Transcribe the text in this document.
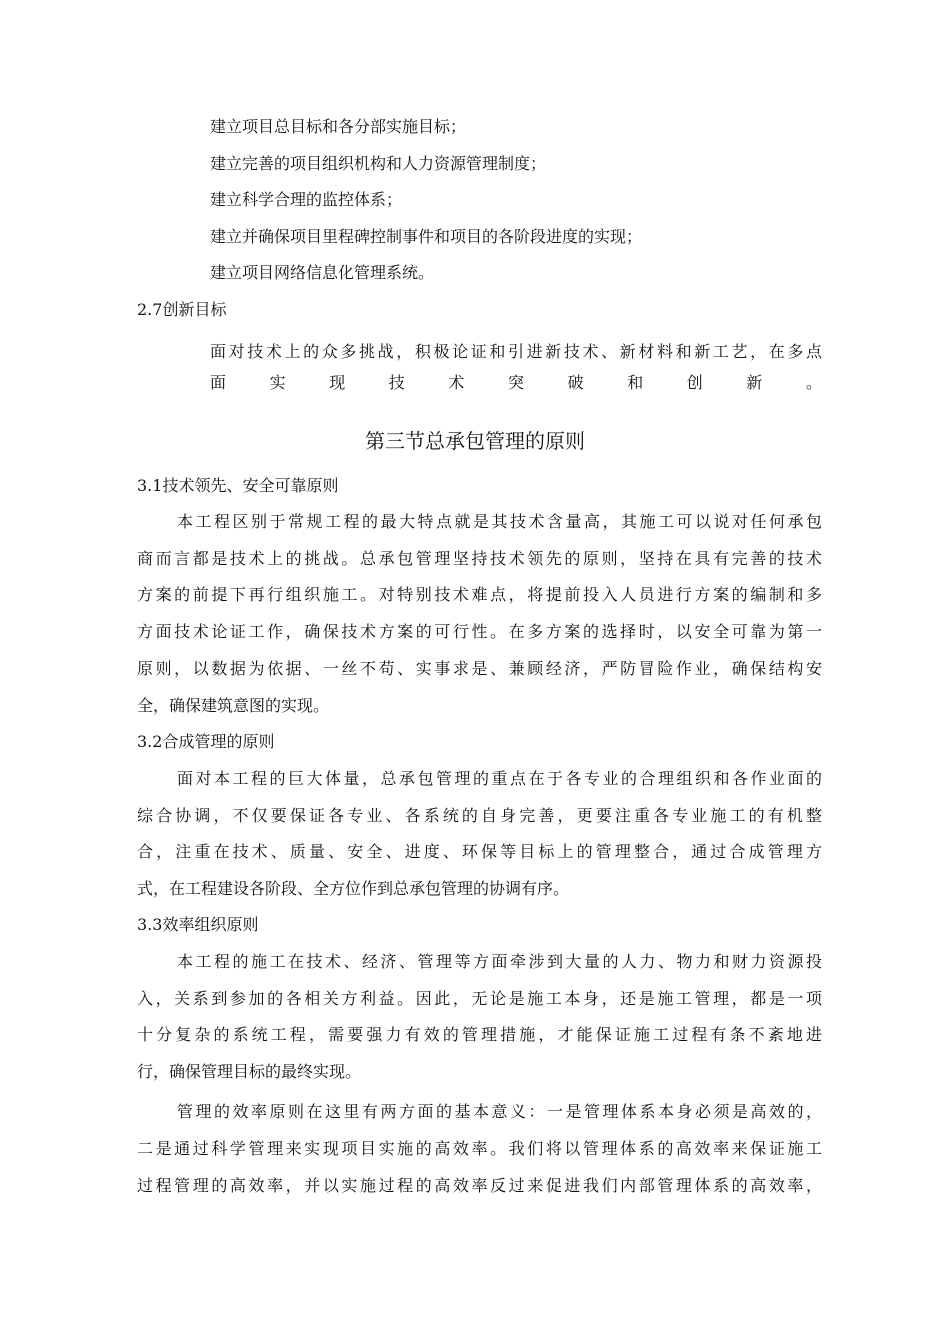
建立项目总目标和各分部实施目标；
建立完善的项目组织机构和人力资源管理制度；
建立科学合理的监控体系；
建立并确保项目里程碑控制事件和项目的各阶段进度的实现；
建立项目网络信息化管理系统。
2.7创新目标
面对技术上的众多挑战，积极论证和引进新技术、新材料和新工艺，在多点
面实现技术突破和创新。
第三节总承包管理的原则
3.1技术领先、安全可靠原则
本工程区别于常规工程的最大特点就是其技术含量高，其施工可以说对任何承包
商而言都是技术上的挑战。总承包管理坚持技术领先的原则，坚持在具有完善的技术
方案的前提下再行组织施工。对特别技术难点，将提前投入人员进行方案的编制和多
方面技术论证工作，确保技术方案的可行性。在多方案的选择时，以安全可靠为第一
原则，以数据为依据、一丝不苟、实事求是、兼顾经济，严防冒险作业，确保结构安
全，确保建筑意图的实现。
3.2合成管理的原则
面对本工程的巨大体量，总承包管理的重点在于各专业的合理组织和各作业面的
综合协调，不仅要保证各专业、各系统的自身完善，更要注重各专业施工的有机整
合，注重在技术、质量、安全、进度、环保等目标上的管理整合，通过合成管理方
式，在工程建设各阶段、全方位作到总承包管理的协调有序。
3.3效率组织原则
本工程的施工在技术、经济、管理等方面牵涉到大量的人力、物力和财力资源投
入，关系到参加的各相关方利益。因此，无论是施工本身，还是施工管理，都是一项
十分复杂的系统工程，需要强力有效的管理措施，才能保证施工过程有条不紊地进
行，确保管理目标的最终实现。
管理的效率原则在这里有两方面的基本意义：一是管理体系本身必须是高效的，
二是通过科学管理来实现项目实施的高效率。我们将以管理体系的高效率来保证施工
过程管理的高效率，并以实施过程的高效率反过来促进我们内部管理体系的高效率，
